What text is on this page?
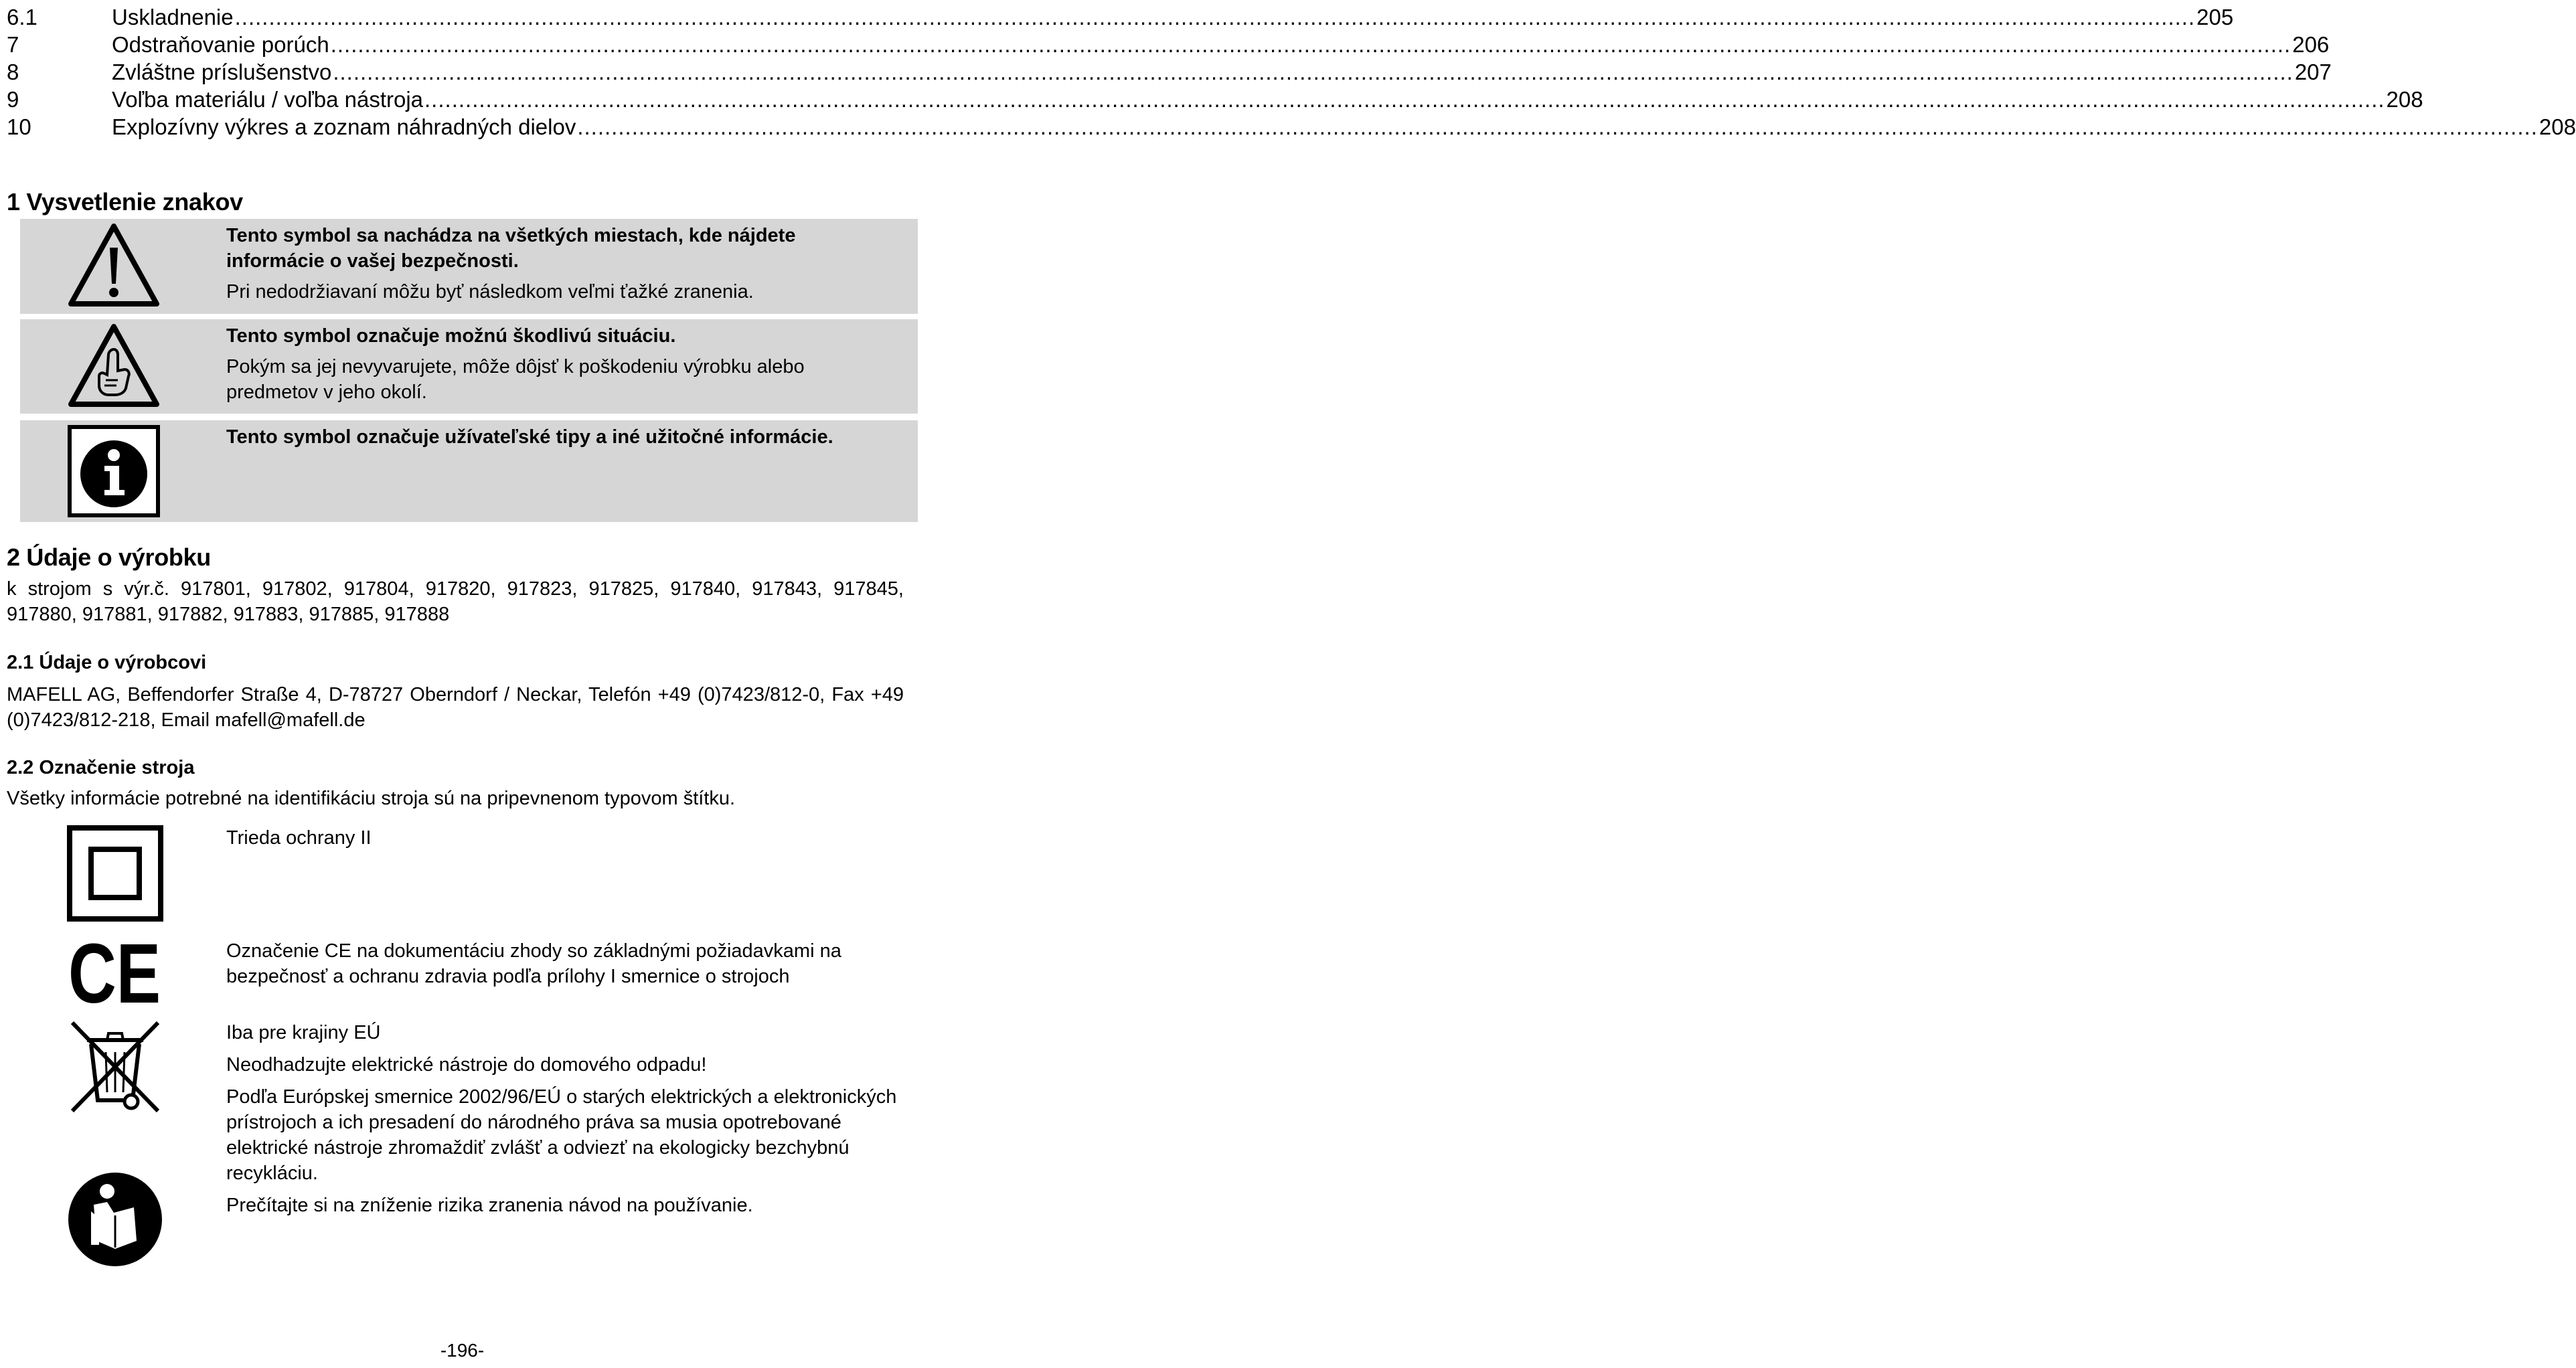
6.1	Uskladnenie .....	205
7	Odstraňovanie porúch .....	206
8	Zvláštne príslušenstvo .....	207
9	Voľba materiálu / voľba nástroja .....	208
10	Explozívny výkres a zoznam náhradných dielov .....	208
1 Vysvetlenie znakov

Tento symbol sa nachádza na všetkých miestach, kde nájdete informácie o vašej bezpečnosti.

Pri nedodržiavaní môžu byť následkom veľmi ťažké zranenia.

Tento symbol označuje možnú škodlivú situáciu.

Pokým sa jej nevyvarujete, môže dôjsť k poškodeniu výrobku alebo predmetov v jeho okolí.

Tento symbol označuje užívateľské tipy a iné užitočné informácie.

2 Údaje o výrobku

k strojom s výr.č. 917801, 917802, 917804, 917820, 917823, 917825, 917840, 917843, 917845, 917880, 917881, 917882, 917883, 917885, 917888

2.1 Údaje o výrobcovi

MAFELL AG, Beffendorfer Straße 4, D-78727 Oberndorf / Neckar, Telefón +49 (0)7423/812-0, Fax +49 (0)7423/812-218, Email mafell@mafell.de

2.2 Označenie stroja

Všetky informácie potrebné na identifikáciu stroja sú na pripevnenom typovom štítku.

Trieda ochrany II

CE	Označenie CE na dokumentáciu zhody so základnými požiadavkami na bezpečnosť a ochranu zdravia podľa prílohy I smernice o strojoch

Iba pre krajiny EÚ

Neodhadzujte elektrické nástroje do domového odpadu!

Podľa Európskej smernice 2002/96/EÚ o starých elektrických a elektronických prístrojoch a ich presadení do národného práva sa musia opotrebované elektrické nástroje zhromaždiť zvlášť a odviezť na ekologicky bezchybnú recykláciu.

Prečítajte si na zníženie rizika zranenia návod na používanie.

-196-
